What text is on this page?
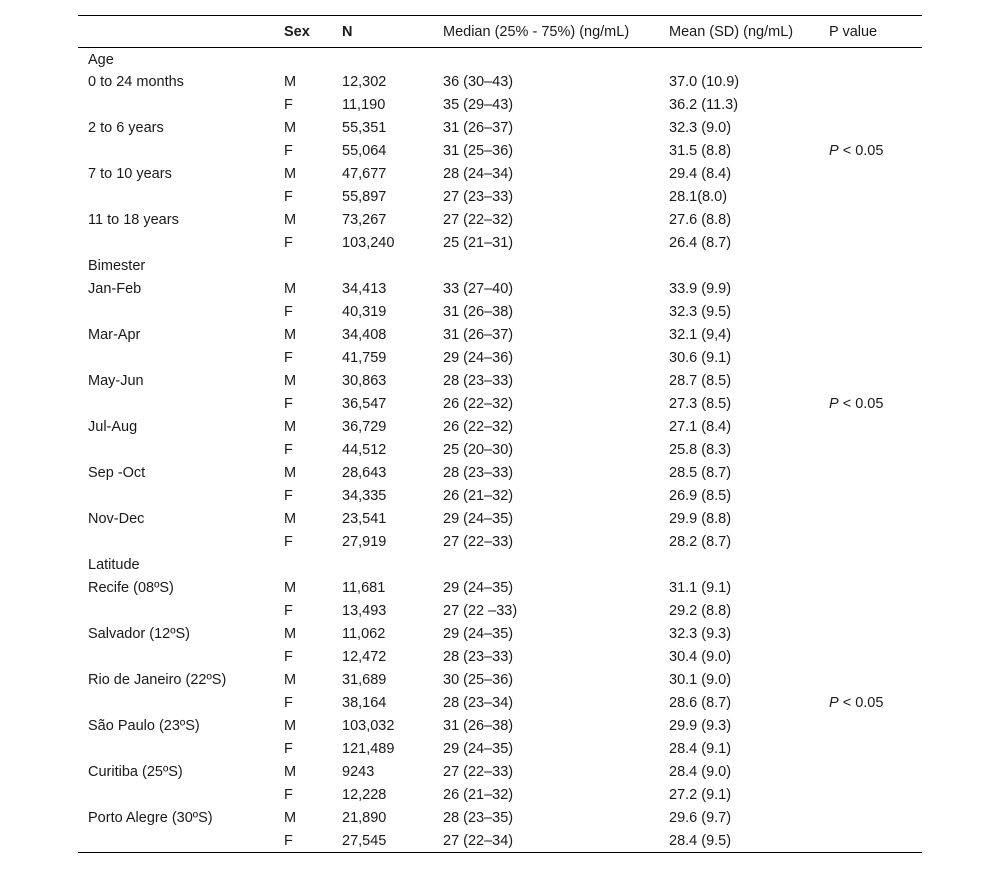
	Sex	N	Median (25% - 75%) (ng/mL)	Mean (SD) (ng/mL)	P value
Age					
0 to 24 months	M	12,302	36 (30–43)	37.0 (10.9)	
	F	11,190	35 (29–43)	36.2 (11.3)	
2 to 6 years	M	55,351	31 (26–37)	32.3 (9.0)	
	F	55,064	31 (25–36)	31.5 (8.8)	P < 0.05

7 to 10 years	M	47,677	28 (24–34)	29.4 (8.4)	
	F	55,897	27 (23–33)	28.1(8.0)	
11 to 18 years	M	73,267	27 (22–32)	27.6 (8.8)	
	F	103,240	25 (21–31)	26.4 (8.7)	
Bimester					
Jan-Feb	M	34,413	33 (27–40)	33.9 (9.9)	
	F	40,319	31 (26–38)	32.3 (9.5)	
Mar-Apr	M	34,408	31 (26–37)	32.1 (9,4)	
	F	41,759	29 (24–36)	30.6 (9.1)	
May-Jun	M	30,863	28 (23–33)	28.7 (8.5)	
	F	36,547	26 (22–32)	27.3 (8.5)	P < 0.05

Jul-Aug	M	36,729	26 (22–32)	27.1 (8.4)	
	F	44,512	25 (20–30)	25.8 (8.3)	
Sep -Oct	M	28,643	28 (23–33)	28.5 (8.7)	
	F	34,335	26 (21–32)	26.9 (8.5)	
Nov-Dec	M	23,541	29 (24–35)	29.9 (8.8)	
	F	27,919	27 (22–33)	28.2 (8.7)	
Latitude					
Recife (08ºS)	M	11,681	29 (24–35)	31.1 (9.1)	
	F	13,493	27 (22 –33)	29.2 (8.8)	
Salvador (12ºS)	M	11,062	29 (24–35)	32.3 (9.3)	
	F	12,472	28 (23–33)	30.4 (9.0)	
Rio de Janeiro (22ºS)	M	31,689	30 (25–36)	30.1 (9.0)	
	F	38,164	28 (23–34)	28.6 (8.7)	P < 0.05

São Paulo (23ºS)	M	103,032	31 (26–38)	29.9 (9.3)	
	F	121,489	29 (24–35)	28.4 (9.1)	
Curitiba (25ºS)	M	9243	27 (22–33)	28.4 (9.0)	
	F	12,228	26 (21–32)	27.2 (9.1)	
Porto Alegre (30ºS)	M	21,890	28 (23–35)	29.6 (9.7)	
	F	27,545	27 (22–34)	28.4 (9.5)	
